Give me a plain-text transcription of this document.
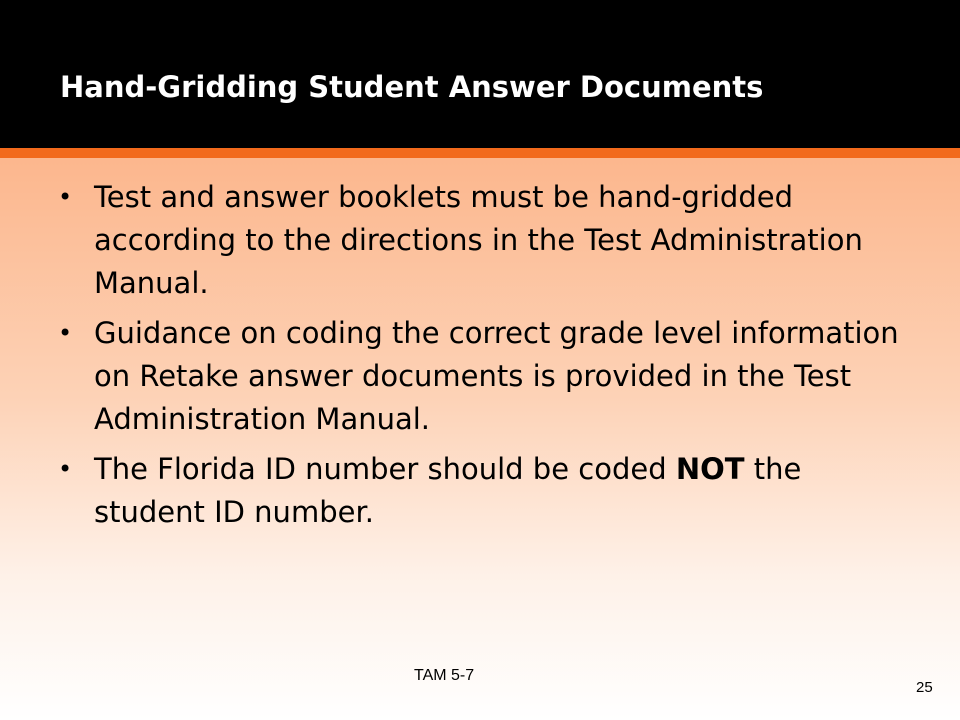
Hand-Gridding Student Answer Documents
• Test and answer booklets must be hand-gridded according to the directions in the Test Administration Manual.
• Guidance on coding the correct grade level information on Retake answer documents is provided in the Test Administration Manual.
• The Florida ID number should be coded NOT the student ID number.
TAM 5-7
25
